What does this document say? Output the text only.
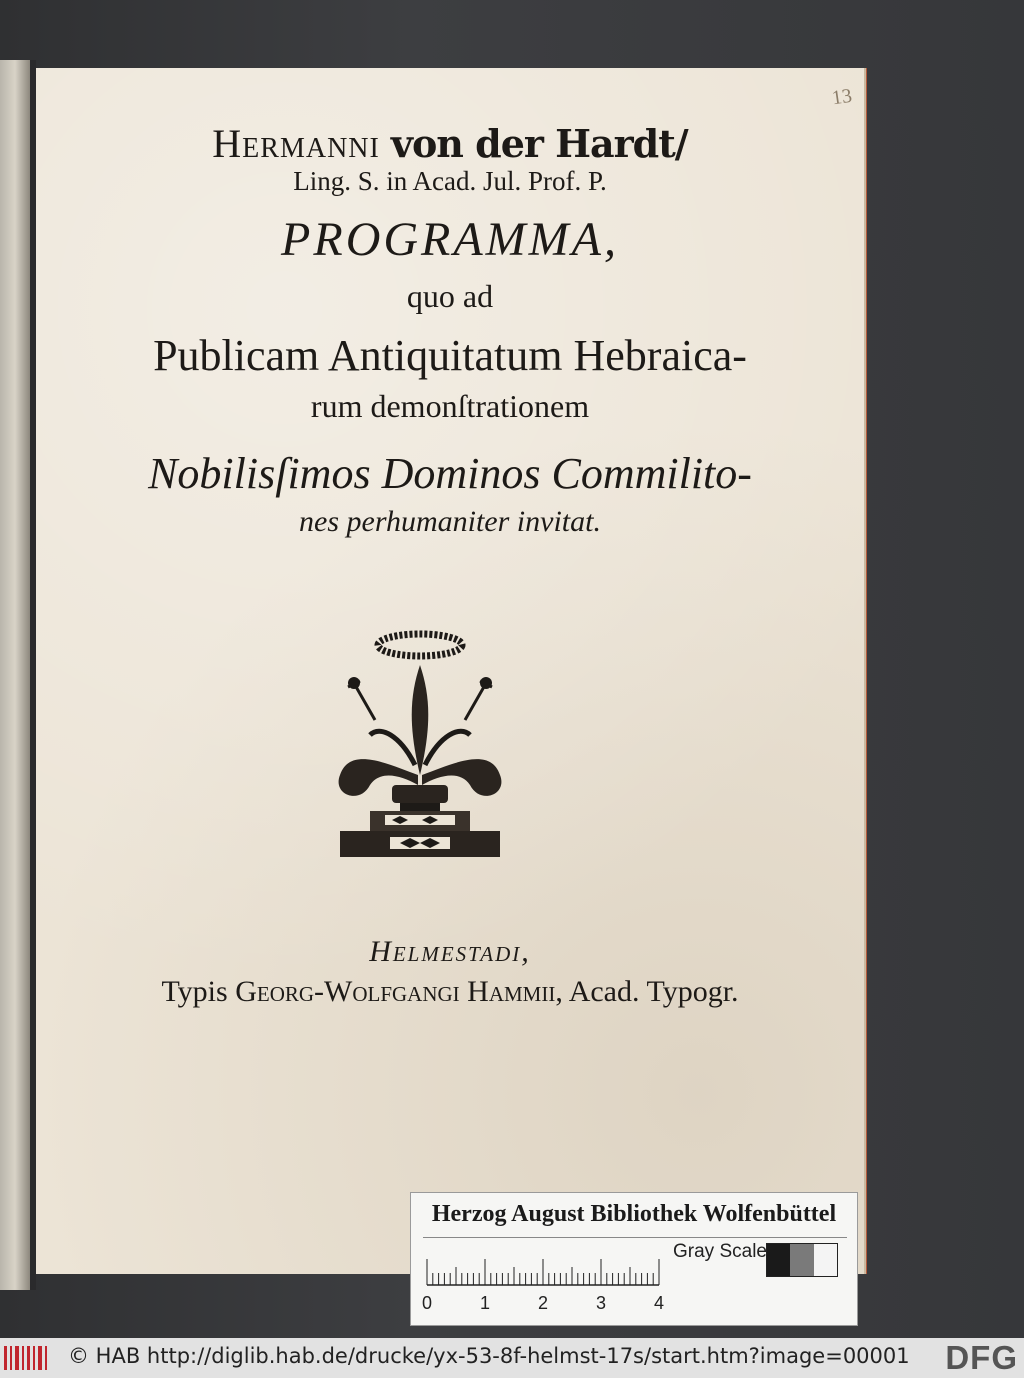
13
Hermanni von der Hardt/
Ling. S. in Acad. Jul. Prof. P.
PROGRAMMA,
quo ad
Publicam Antiquitatum Hebraica-
rum demonſtrationem
Nobilisſimos Dominos Commilito-
nes perhumaniter invitat.
Helmestadi,
Typis Georg-Wolfgangi Hammii, Acad. Typogr.
Herzog August Bibliothek Wolfenbüttel
0	1	2	3	4
Gray Scale
© HAB http://diglib.hab.de/drucke/yx-53-8f-helmst-17s/start.htm?image=00001 DFG
